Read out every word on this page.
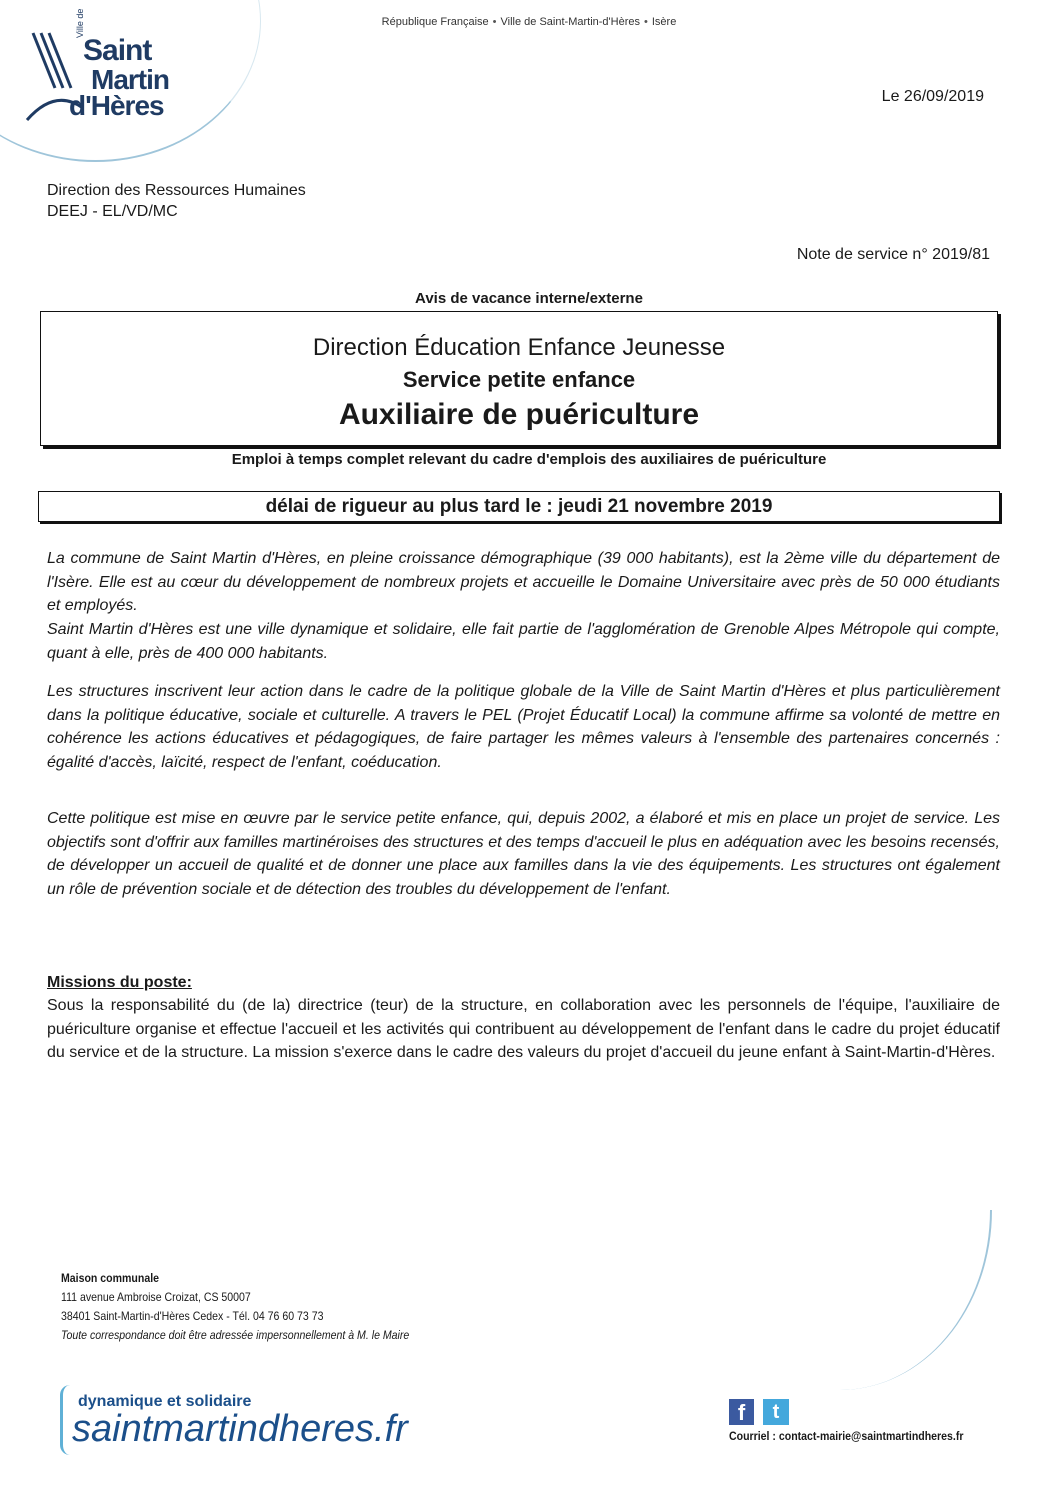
République Française • Ville de Saint-Martin-d'Hères • Isère
Ville de
Saint
Martin
d'Hères	Le 26/09/2019
Direction des Ressources Humaines
DEEJ - EL/VD/MC
Note de service n° 2019/81
Avis de vacance interne/externe
Direction Éducation Enfance Jeunesse
Service petite enfance
Auxiliaire de puériculture
Emploi à temps complet relevant du cadre d'emplois des auxiliaires de puériculture
délai de rigueur au plus tard le : jeudi 21 novembre 2019
La commune de Saint Martin d'Hères, en pleine croissance démographique (39 000 habitants), est la 2ème ville du département de l'Isère. Elle est au cœur du développement de nombreux projets et accueille le Domaine Universitaire avec près de 50 000 étudiants et employés.
Saint Martin d'Hères est une ville dynamique et solidaire, elle fait partie de l'agglomération de Grenoble Alpes Métropole qui compte, quant à elle, près de 400 000 habitants.
Les structures inscrivent leur action dans le cadre de la politique globale de la Ville de Saint Martin d'Hères et plus particulièrement dans la politique éducative, sociale et culturelle. A travers le PEL (Projet Éducatif Local) la commune affirme sa volonté de mettre en cohérence les actions éducatives et pédagogiques, de faire partager les mêmes valeurs à l'ensemble des partenaires concernés : égalité d'accès, laïcité, respect de l'enfant, coéducation.
Cette politique est mise en œuvre par le service petite enfance, qui, depuis 2002, a élaboré et mis en place un projet de service. Les objectifs sont d'offrir aux familles martinéroises des structures et des temps d'accueil le plus en adéquation avec les besoins recensés, de développer un accueil de qualité et de donner une place aux familles dans la vie des équipements. Les structures ont également un rôle de prévention sociale et de détection des troubles du développement de l'enfant.
Missions du poste:
Sous la responsabilité du (de la) directrice (teur) de la structure, en collaboration avec les personnels de l'équipe, l'auxiliaire de puériculture organise et effectue l'accueil et les activités qui contribuent au développement de l'enfant dans le cadre du projet éducatif du service et de la structure. La mission s'exerce dans le cadre des valeurs du projet d'accueil du jeune enfant à Saint-Martin-d'Hères.
Maison communale
111 avenue Ambroise Croizat, CS 50007
38401 Saint-Martin-d'Hères Cedex - Tél. 04 76 60 73 73
Toute correspondance doit être adressée impersonnellement à M. le Maire
dynamique et solidaire
saintmartindheres.fr	f	t
Courriel : contact-mairie@saintmartindheres.fr
